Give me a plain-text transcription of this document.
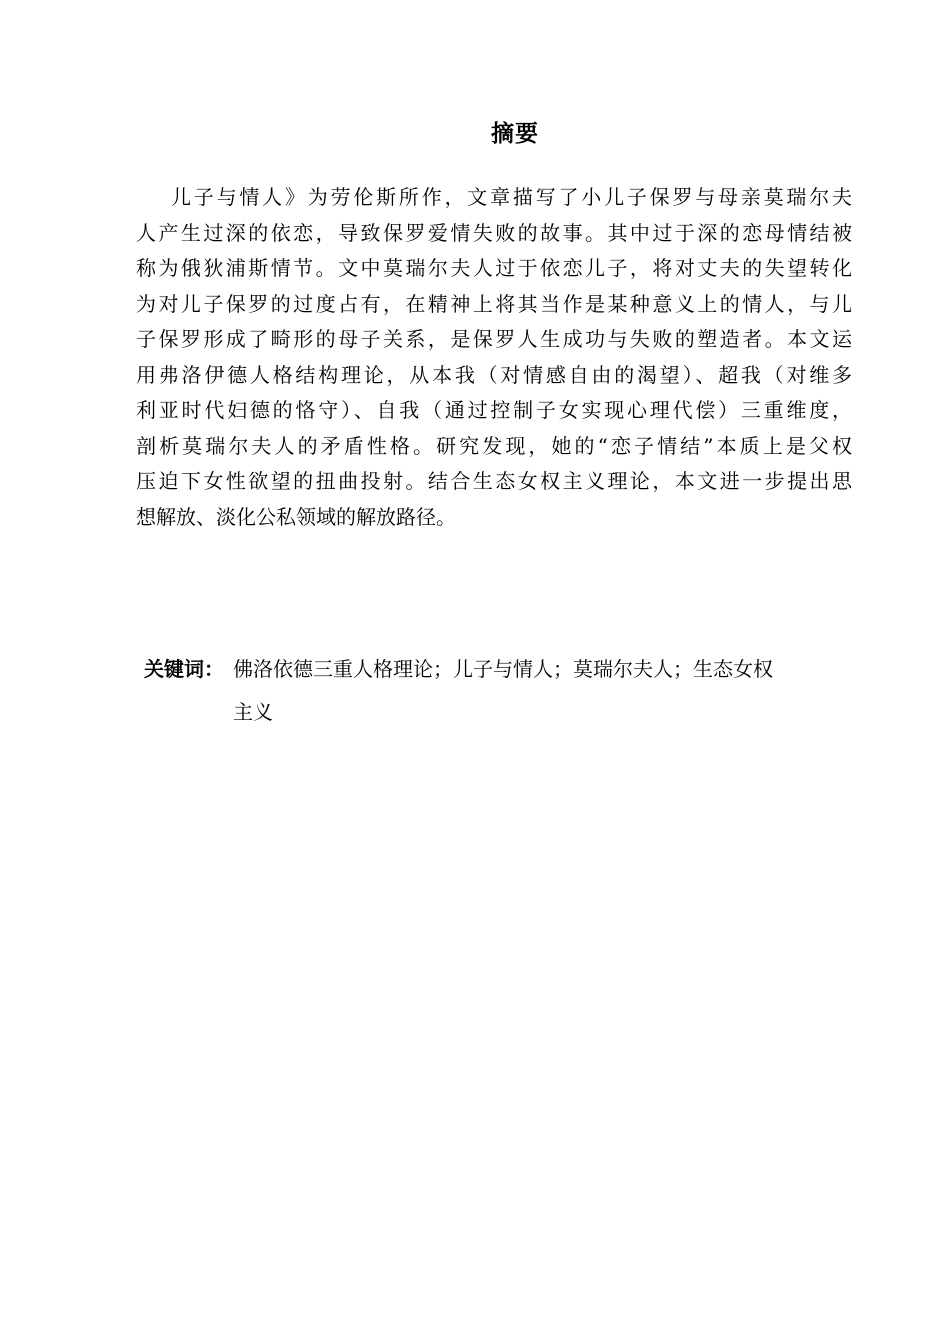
摘要
儿子与情人》为劳伦斯所作，文章描写了小儿子保罗与母亲莫瑞尔夫
人产生过深的依恋，导致保罗爱情失败的故事。其中过于深的恋母情结被
称为俄狄浦斯情节。文中莫瑞尔夫人过于依恋儿子，将对丈夫的失望转化
为对儿子保罗的过度占有，在精神上将其当作是某种意义上的情人，与儿
子保罗形成了畸形的母子关系，是保罗人生成功与失败的塑造者。本文运
用弗洛伊德人格结构理论，从本我（对情感自由的渴望）、超我（对维多
利亚时代妇德的恪守）、自我（通过控制子女实现心理代偿）三重维度，
剖析莫瑞尔夫人的矛盾性格。研究发现，她的“恋子情结”本质上是父权
压迫下女性欲望的扭曲投射。结合生态女权主义理论，本文进一步提出思
想解放、淡化公私领域的解放路径。
关键词： 佛洛依德三重人格理论；儿子与情人；莫瑞尔夫人；生态女权
主义
